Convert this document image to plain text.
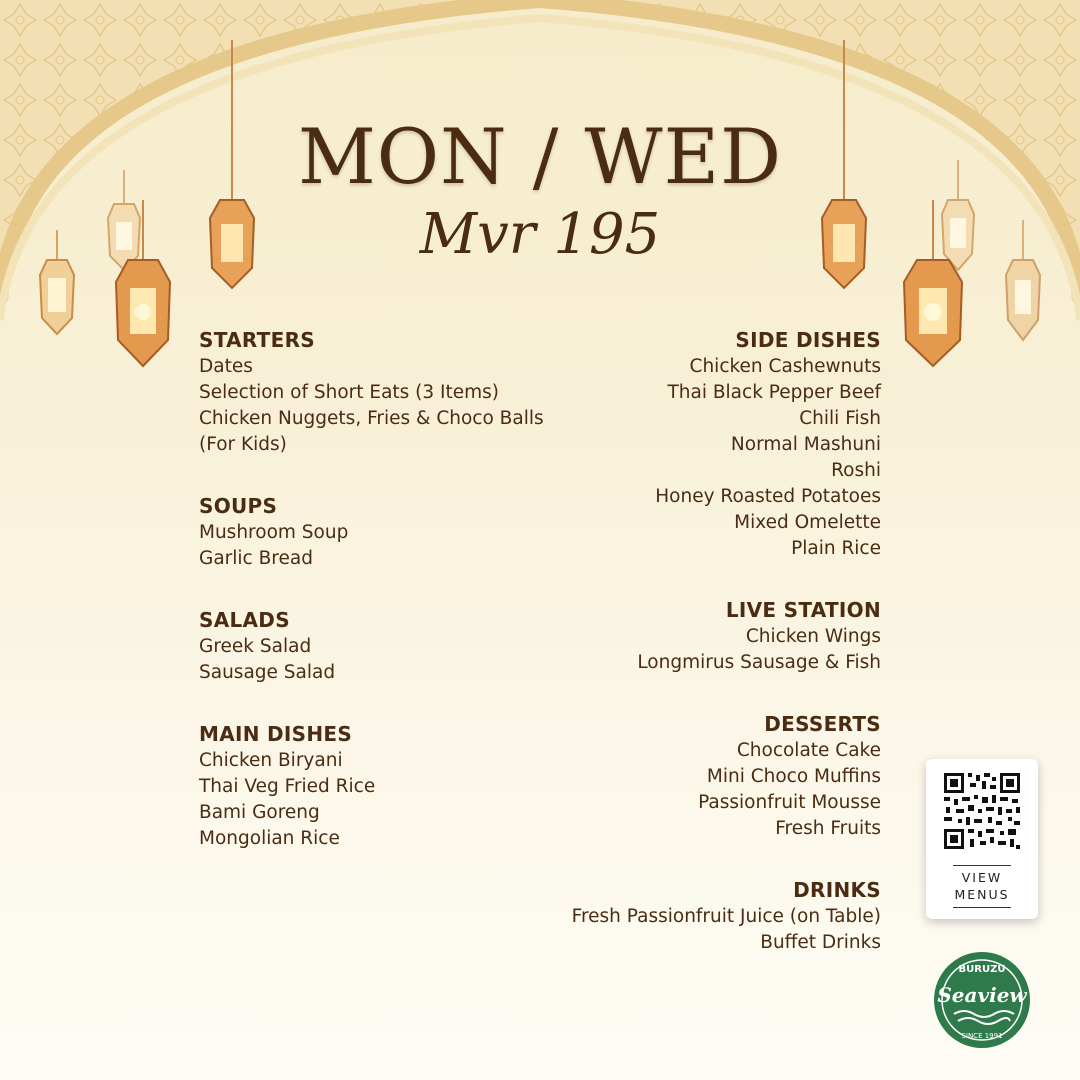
MON / WED
Mvr 195
STARTERS
Dates
Selection of Short Eats (3 Items)
Chicken Nuggets, Fries & Choco Balls
(For Kids)
SOUPS
Mushroom Soup
Garlic Bread
SALADS
Greek Salad
Sausage Salad
MAIN DISHES
Chicken Biryani
Thai Veg Fried Rice
Bami Goreng
Mongolian Rice
SIDE DISHES
Chicken Cashewnuts
Thai Black Pepper Beef
Chili Fish
Normal Mashuni
Roshi
Honey Roasted Potatoes
Mixed Omelette
Plain Rice
LIVE STATION
Chicken Wings
Longmirus Sausage & Fish
DESSERTS
Chocolate Cake
Mini Choco Muffins
Passionfruit Mousse
Fresh Fruits
DRINKS
Fresh Passionfruit Juice (on Table)
Buffet Drinks
VIEW
MENUS
BURUZU
Seaview
SINCE 1991
